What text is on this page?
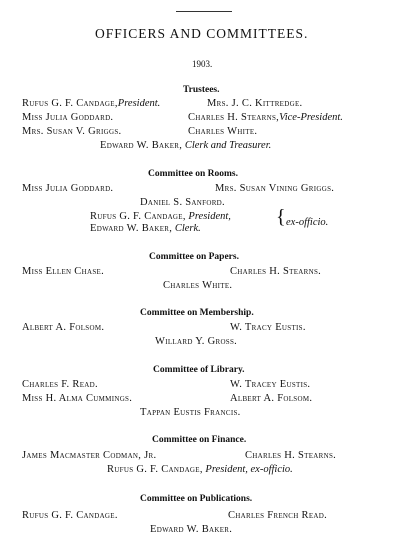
OFFICERS AND COMMITTEES.
1903.
Trustees.
Rufus G. F. Candage,President.	Mrs. J. C. Kittredge.
Miss Julia Goddard.	Charles H. Stearns,Vice-President.
Mrs. Susan V. Griggs.	Charles White.
Edward W. Baker, Clerk and Treasurer.
Committee on Rooms.
Miss Julia Goddard.	Mrs. Susan Vining Griggs.
Daniel S. Sanford.
Rufus G. F. Candage, President,
Edward W. Baker, Clerk.
{ ex-officio.
Committee on Papers.
Miss Ellen Chase.	Charles H. Stearns.
Charles White.
Committee on Membership.
Albert A. Folsom.	W. Tracy Eustis.
Willard Y. Gross.
Committee of Library.
Charles F. Read.	W. Tracey Eustis.
Miss H. Alma Cummings.	Albert A. Folsom.
Tappan Eustis Francis.
Committee on Finance.
James Macmaster Codman, Jr.	Charles H. Stearns.
Rufus G. F. Candage, President, ex-officio.
Committee on Publications.
Rufus G. F. Candage.	Charles French Read.
Edward W. Baker.
